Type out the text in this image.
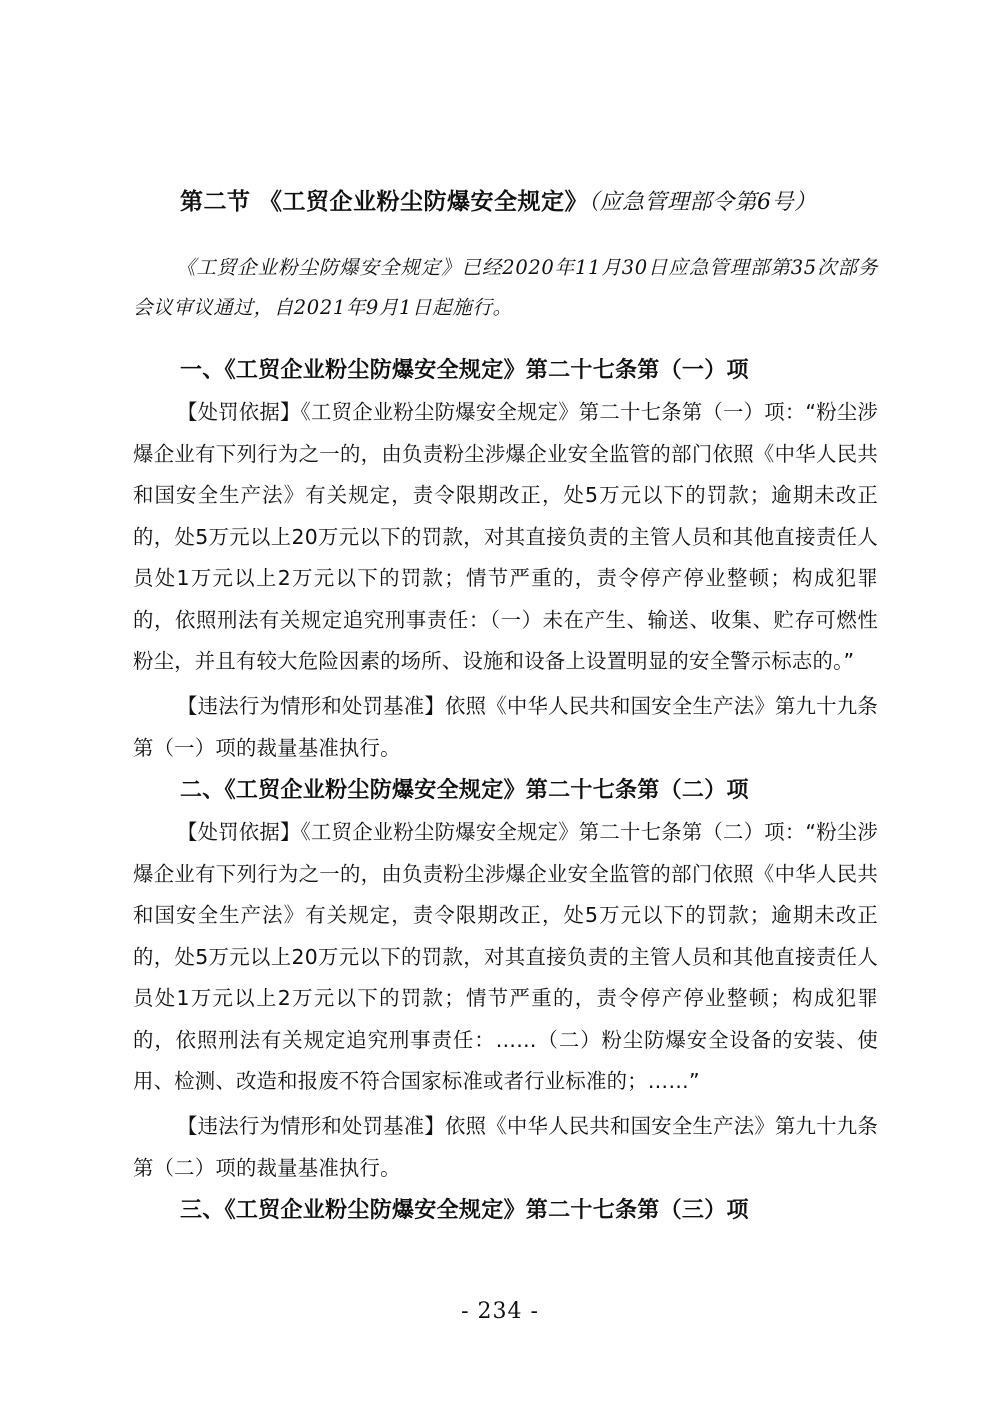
第二节 《工贸企业粉尘防爆安全规定》（应急管理部令第6号）
《工贸企业粉尘防爆安全规定》已经2020年11月30日应急管理部第35次部务会议审议通过，自2021年9月1日起施行。
一、《工贸企业粉尘防爆安全规定》第二十七条第（一）项
【处罚依据】《工贸企业粉尘防爆安全规定》第二十七条第（一）项：“粉尘涉爆企业有下列行为之一的，由负责粉尘涉爆企业安全监管的部门依照《中华人民共和国安全生产法》有关规定，责令限期改正，处5万元以下的罚款；逾期未改正的，处5万元以上20万元以下的罚款，对其直接负责的主管人员和其他直接责任人员处1万元以上2万元以下的罚款；情节严重的，责令停产停业整顿；构成犯罪的，依照刑法有关规定追究刑事责任：（一）未在产生、输送、收集、贮存可燃性粉尘，并且有较大危险因素的场所、设施和设备上设置明显的安全警示标志的。”
【违法行为情形和处罚基准】依照《中华人民共和国安全生产法》第九十九条第（一）项的裁量基准执行。
二、《工贸企业粉尘防爆安全规定》第二十七条第（二）项
【处罚依据】《工贸企业粉尘防爆安全规定》第二十七条第（二）项：“粉尘涉爆企业有下列行为之一的，由负责粉尘涉爆企业安全监管的部门依照《中华人民共和国安全生产法》有关规定，责令限期改正，处5万元以下的罚款；逾期未改正的，处5万元以上20万元以下的罚款，对其直接负责的主管人员和其他直接责任人员处1万元以上2万元以下的罚款；情节严重的，责令停产停业整顿；构成犯罪的，依照刑法有关规定追究刑事责任：……（二）粉尘防爆安全设备的安装、使用、检测、改造和报废不符合国家标准或者行业标准的；……”
【违法行为情形和处罚基准】依照《中华人民共和国安全生产法》第九十九条第（二）项的裁量基准执行。
三、《工贸企业粉尘防爆安全规定》第二十七条第（三）项
- 234 -
